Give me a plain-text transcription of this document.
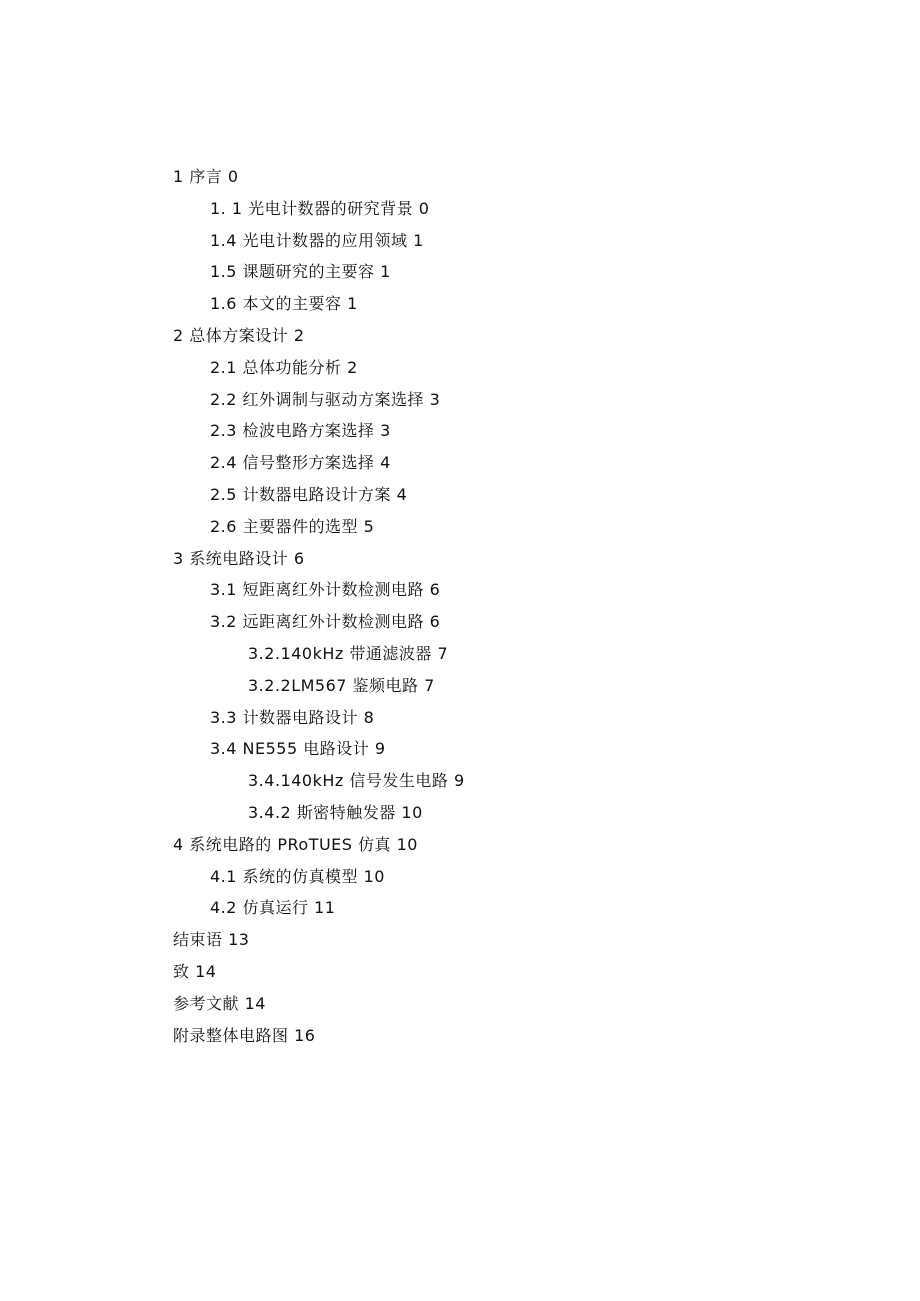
1 序言 0
1. 1 光电计数器的研究背景 0
1.4 光电计数器的应用领域 1
1.5 课题研究的主要容 1
1.6 本文的主要容 1
2 总体方案设计 2
2.1 总体功能分析 2
2.2 红外调制与驱动方案选择 3
2.3 检波电路方案选择 3
2.4 信号整形方案选择 4
2.5 计数器电路设计方案 4
2.6 主要器件的选型 5
3 系统电路设计 6
3.1 短距离红外计数检测电路 6
3.2 远距离红外计数检测电路 6
3.2.140kHz 带通滤波器 7
3.2.2LM567 鉴频电路 7
3.3 计数器电路设计 8
3.4 NE555 电路设计 9
3.4.140kHz 信号发生电路 9
3.4.2 斯密特触发器 10
4 系统电路的 PRoTUES 仿真 10
4.1 系统的仿真模型 10
4.2 仿真运行 11
结束语 13
致 14
参考文献 14
附录整体电路图 16
